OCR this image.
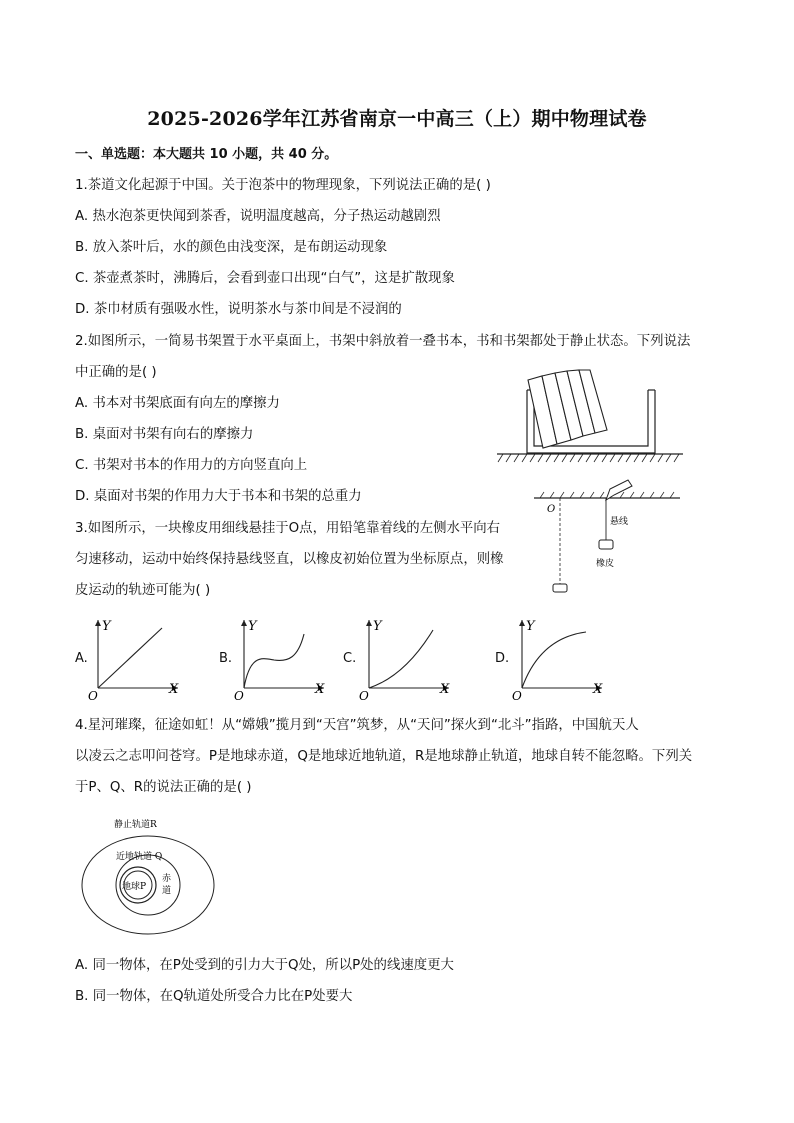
2025-2026学年江苏省南京一中高三（上）期中物理试卷
一、单选题：本大题共 10 小题，共 40 分。
1.茶道文化起源于中国。关于泡茶中的物理现象，下列说法正确的是( )
A. 热水泡茶更快闻到茶香，说明温度越高，分子热运动越剧烈
B. 放入茶叶后，水的颜色由浅变深，是布朗运动现象
C. 茶壶煮茶时，沸腾后，会看到壶口出现“白气”，这是扩散现象
D. 茶巾材质有强吸水性，说明茶水与茶巾间是不浸润的
2.如图所示，一简易书架置于水平桌面上，书架中斜放着一叠书本，书和书架都处于静止状态。下列说法
中正确的是( )
A. 书本对书架底面有向左的摩擦力
B. 桌面对书架有向右的摩擦力
C. 书架对书本的作用力的方向竖直向上
D. 桌面对书架的作用力大于书本和书架的总重力
3.如图所示，一块橡皮用细线悬挂于O点，用铅笔靠着线的左侧水平向右
匀速移动，运动中始终保持悬线竖直，以橡皮初始位置为坐标原点，则橡
皮运动的轨迹可能为( )
O
悬线
橡皮
A.
Y
X
O
B.
Y
X
O
C.
Y
X
O
D.
Y
X
O
4.星河璀璨，征途如虹！从“嫦娥”揽月到“天宫”筑梦，从“天问”探火到“北斗”指路，中国航天人
以凌云之志叩问苍穹。P是地球赤道，Q是地球近地轨道，R是地球静止轨道，地球自转不能忽略。下列关
于P、Q、R的说法正确的是( )
静止轨道R
近地轨道 Q
地球P
赤
道
A. 同一物体，在P处受到的引力大于Q处，所以P处的线速度更大
B. 同一物体，在Q轨道处所受合力比在P处要大
